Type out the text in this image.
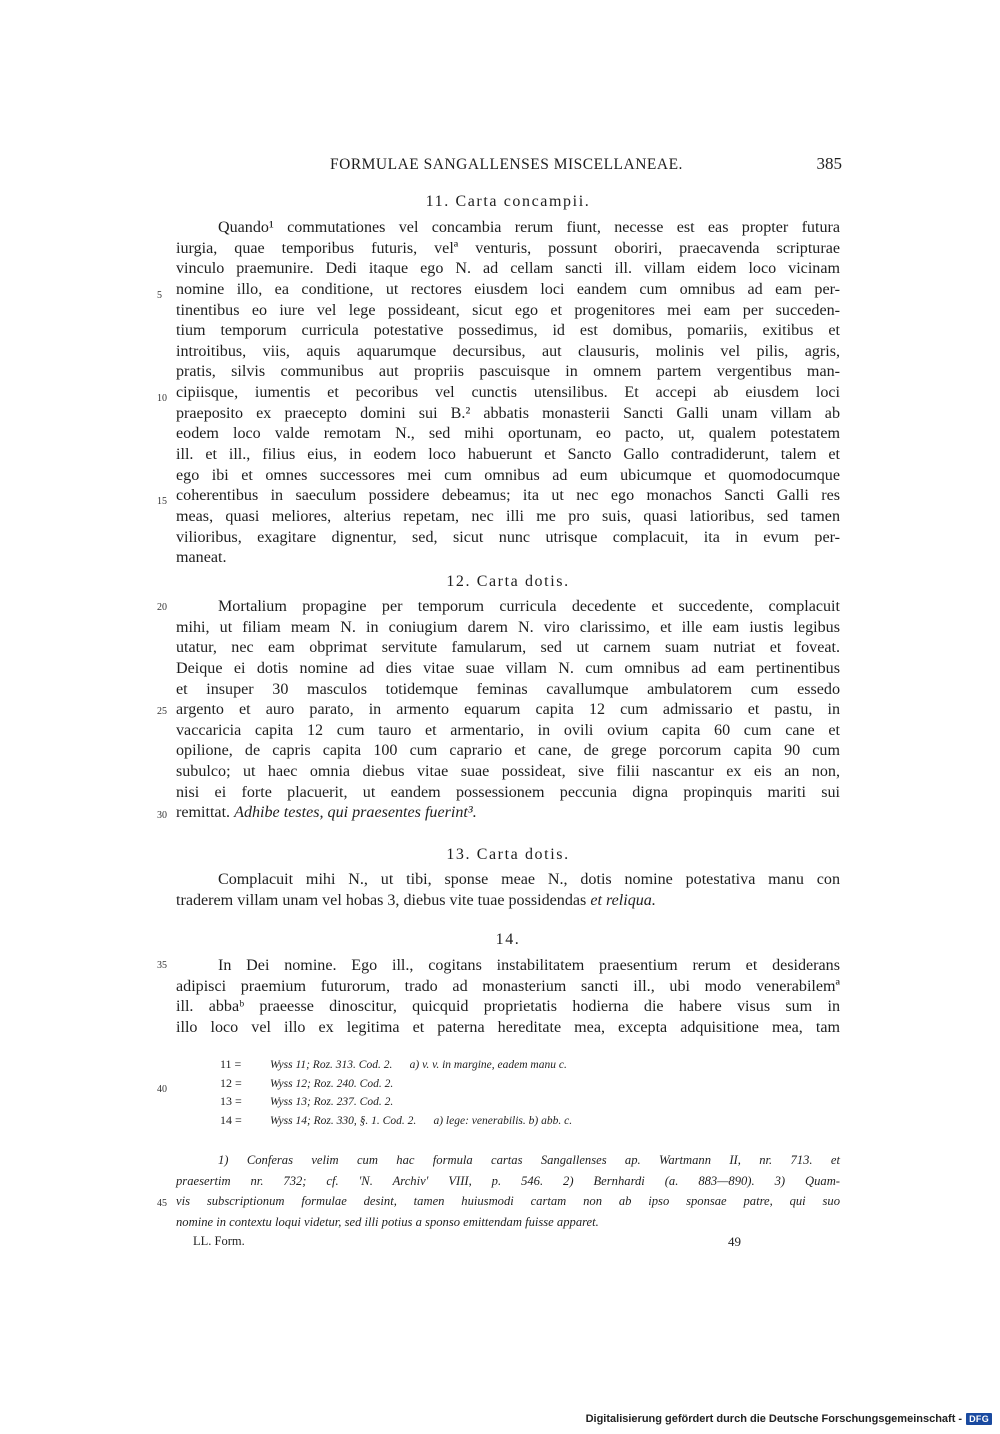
FORMULAE SANGALLENSES MISCELLANEAE.	385
11. Carta concampii.
Quando¹ commutationes vel concambia rerum fiunt, necesse est eas propter futura
iurgia, quae temporibus futuris, velª venturis, possunt oboriri, praecavenda scripturae
vinculo praemunire. Dedi itaque ego N. ad cellam sancti ill. villam eidem loco vicinam
nomine illo, ea conditione, ut rectores eiusdem loci eandem cum omnibus ad eam per-
tinentibus eo iure vel lege possideant, sicut ego et progenitores mei eam per succeden-
tium temporum curricula potestative possedimus, id est domibus, pomariis, exitibus et
introitibus, viis, aquis aquarumque decursibus, aut clausuris, molinis vel pilis, agris,
pratis, silvis communibus aut propriis pascuisque in omnem partem vergentibus man-
cipiisque, iumentis et pecoribus vel cunctis utensilibus. Et accepi ab eiusdem loci
praeposito ex praecepto domini sui B.² abbatis monasterii Sancti Galli unam villam ab
eodem loco valde remotam N., sed mihi oportunam, eo pacto, ut, qualem potestatem
ill. et ill., filius eius, in eodem loco habuerunt et Sancto Gallo contradiderunt, talem et
ego ibi et omnes successores mei cum omnibus ad eum ubicumque et quomodocumque
coherentibus in saeculum possidere debeamus; ita ut nec ego monachos Sancti Galli res
meas, quasi meliores, alterius repetam, nec illi me pro suis, quasi latioribus, sed tamen
vilioribus, exagitare dignentur, sed, sicut nunc utrisque complacuit, ita in evum per-
maneat.
12. Carta dotis.
Mortalium propagine per temporum curricula decedente et succedente, complacuit
mihi, ut filiam meam N. in coniugium darem N. viro clarissimo, et ille eam iustis legibus
utatur, nec eam obprimat servitute famularum, sed ut carnem suam nutriat et foveat.
Deique ei dotis nomine ad dies vitae suae villam N. cum omnibus ad eam pertinentibus
et insuper 30 masculos totidemque feminas cavallumque ambulatorem cum essedo
argento et auro parato, in armento equarum capita 12 cum admissario et pastu, in
vaccariciа capita 12 cum tauro et armentario, in ovili ovium capita 60 cum cane et
opilione, de capris capita 100 cum caprario et cane, de grege porcorum capita 90 cum
subulco; ut haec omnia diebus vitae suae possideat, sive filii nascantur ex eis an non,
nisi ei forte placuerit, ut eandem possessionem peccunia digna propinquis mariti sui
remittat. Adhibe testes, qui praesentes fuerint³.
13. Carta dotis.
Complacuit mihi N., ut tibi, sponse meae N., dotis nomine potestativa manu con
traderem villam unam vel hobas 3, diebus vite tuae possidendas et reliqua.
14.
In Dei nomine. Ego ill., cogitans instabilitatem praesentium rerum et desiderans
adipisci praemium futurorum, trado ad monasterium sancti ill., ubi modo venerabilemª
ill. abbaᵇ praeesse dinoscitur, quicquid proprietatis hodierna die habere visus sum in
illo loco vel illo ex legitima et paterna hereditate mea, excepta adquisitione mea, tam
5
10
15
20
25
30
35
40
45
11 = Wyss 11; Roz. 313. Cod. 2. a) v. v. in margine, eadem manu c.
12 = Wyss 12; Roz. 240. Cod. 2.
13 = Wyss 13; Roz. 237. Cod. 2.
14 = Wyss 14; Roz. 330, §. 1. Cod. 2. a) lege: venerabilis. b) abb. c.
1) Conferas velim cum hac formula cartas Sangallenses ap. Wartmann II, nr. 713. et
praesertim nr. 732; cf. 'N. Archiv' VIII, p. 546. 2) Bernhardi (a. 883—890). 3) Quam-
vis subscriptionum formulae desint, tamen huiusmodi cartam non ab ipso sponsae patre, qui suo
nomine in contextu loqui videtur, sed illi potius a sponso emittendam fuisse apparet.
LL. Form.	49
Digitalisierung gefördert durch die Deutsche Forschungsgemeinschaft - DFG
